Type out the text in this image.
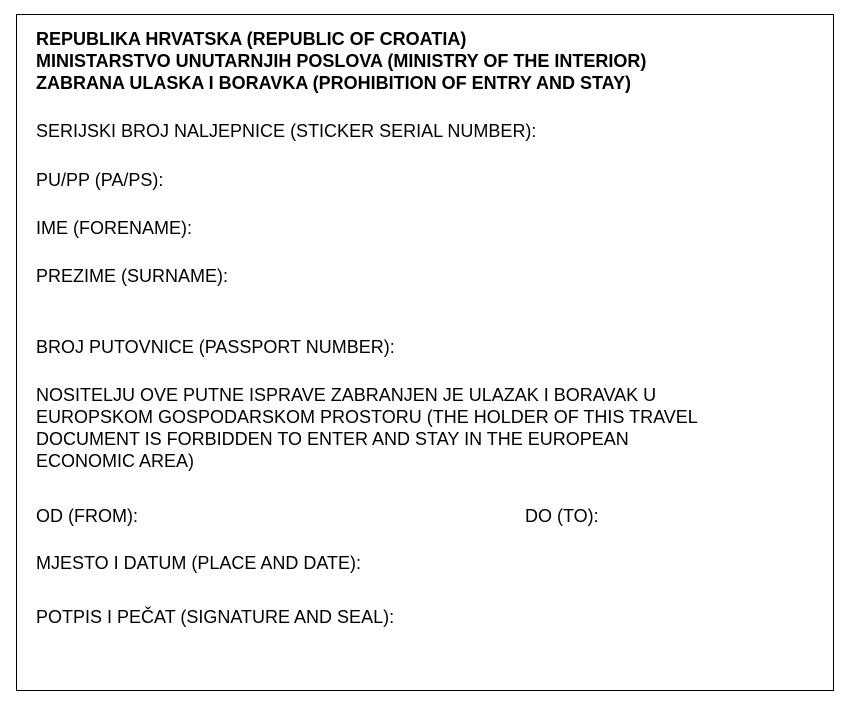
REPUBLIKA HRVATSKA (REPUBLIC OF CROATIA)
MINISTARSTVO UNUTARNJIH POSLOVA (MINISTRY OF THE INTERIOR)
ZABRANA ULASKA I BORAVKA (PROHIBITION OF ENTRY AND STAY)
SERIJSKI BROJ NALJEPNICE (STICKER SERIAL NUMBER):
PU/PP (PA/PS):
IME (FORENAME):
PREZIME (SURNAME):
BROJ PUTOVNICE (PASSPORT NUMBER):
NOSITELJU OVE PUTNE ISPRAVE ZABRANJEN JE ULAZAK I BORAVAK U
EUROPSKOM GOSPODARSKOM PROSTORU (THE HOLDER OF THIS TRAVEL
DOCUMENT IS FORBIDDEN TO ENTER AND STAY IN THE EUROPEAN
ECONOMIC AREA)
OD (FROM):	DO (TO):
MJESTO I DATUM (PLACE AND DATE):
POTPIS I PEČAT (SIGNATURE AND SEAL):
